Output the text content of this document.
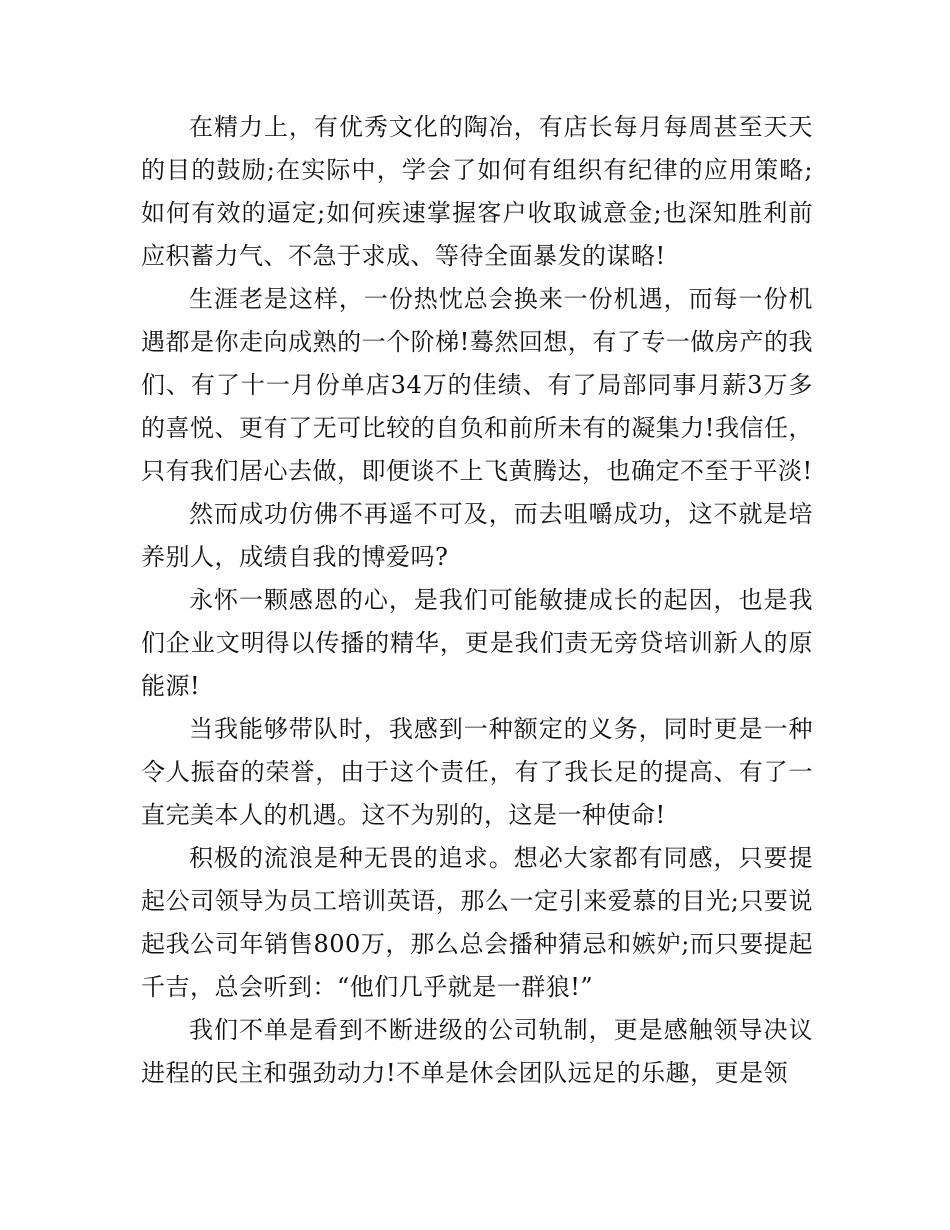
在精力上，有优秀文化的陶冶，有店长每月每周甚至天天的目的鼓励;在实际中，学会了如何有组织有纪律的应用策略;如何有效的逼定;如何疾速掌握客户收取诚意金;也深知胜利前应积蓄力气、不急于求成、等待全面暴发的谋略!

生涯老是这样，一份热忱总会换来一份机遇，而每一份机遇都是你走向成熟的一个阶梯!蓦然回想，有了专一做房产的我们、有了十一月份单店34万的佳绩、有了局部同事月薪3万多的喜悦、更有了无可比较的自负和前所未有的凝集力!我信任，只有我们居心去做，即便谈不上飞黄腾达，也确定不至于平淡!

然而成功仿佛不再遥不可及，而去咀嚼成功，这不就是培养别人，成绩自我的博爱吗?

永怀一颗感恩的心，是我们可能敏捷成长的起因，也是我们企业文明得以传播的精华，更是我们责无旁贷培训新人的原能源!

当我能够带队时，我感到一种额定的义务，同时更是一种令人振奋的荣誉，由于这个责任，有了我长足的提高、有了一直完美本人的机遇。这不为别的，这是一种使命!

积极的流浪是种无畏的追求。想必大家都有同感，只要提起公司领导为员工培训英语，那么一定引来爱慕的目光;只要说起我公司年销售800万，那么总会播种猜忌和嫉妒;而只要提起千吉，总会听到：“他们几乎就是一群狼!”

我们不单是看到不断进级的公司轨制，更是感触领导决议进程的民主和强劲动力!不单是休会团队远足的乐趣，更是领
